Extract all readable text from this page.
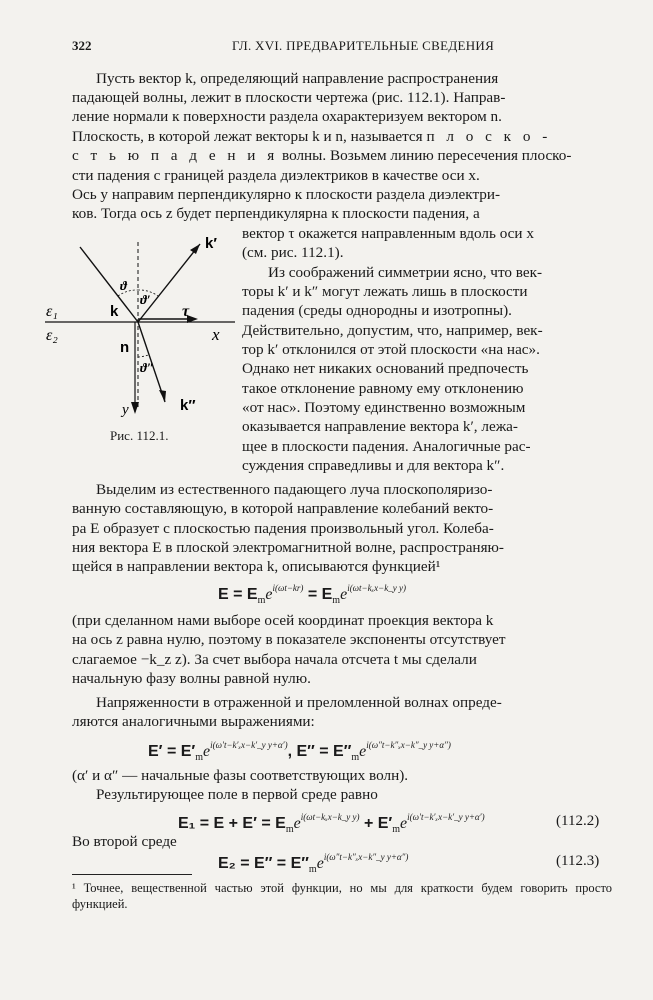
322	ГЛ. XVI. ПРЕДВАРИТЕЛЬНЫЕ СВЕДЕНИЯ
Пусть вектор k, определяющий направление распространения
падающей волны, лежит в плоскости чертежа (рис. 112.1). Направ-
ление нормали к поверхности раздела охарактеризуем вектором n.
Плоскость, в которой лежат векторы k и n, называется п л о с к о -
с т ь ю п а д е н и я волны. Возьмем линию пересечения плоско-
сти падения с границей раздела диэлектриков в качестве оси x.
Ось y направим перпендикулярно к плоскости раздела диэлектри-
ков. Тогда ось z будет перпендикулярна к плоскости падения, а
k′
k
k″
n
x
y
τ
ϑ
ϑ′
ϑ″
ε₁
ε₂
Рис. 112.1.
вектор τ окажется направленным вдоль оси x
(см. рис. 112.1).
Из соображений симметрии ясно, что век-
торы k′ и k″ могут лежать лишь в плоскости
падения (среды однородны и изотропны).
Действительно, допустим, что, например, век-
тор k′ отклонился от этой плоскости «на нас».
Однако нет никаких оснований предпочесть
такое отклонение равному ему отклонению
«от нас». Поэтому единственно возможным
оказывается направление вектора k′, лежа-
щее в плоскости падения. Аналогичные рас-
суждения справедливы и для вектора k″.
Выделим из естественного падающего луча плоскополяризо-
ванную составляющую, в которой направление колебаний векто-
ра E образует с плоскостью падения произвольный угол. Колеба-
ния вектора E в плоской электромагнитной волне, распространяю-
щейся в направлении вектора k, описываются функцией¹
$E = E_me^{i(\omega t-kr)} = E_me^{i(\omega t-k_xx-k\_y y)}$
(при сделанном нами выборе осей координат проекция вектора k
на ось z равна нулю, поэтому в показателе экспоненты отсутствует
слагаемое −k_z z). За счет выбора начала отсчета t мы сделали
начальную фазу волны равной нулю.
Напряженности в отраженной и преломленной волнах опреде-
ляются аналогичными выражениями:
$E' = E'_me^{i(\omega't-k'_xx-k'\_y y+\alpha')}$, $E'' = E''_me^{i(\omega''t-k''_xx-k''\_y y+\alpha'')}$
(α′ и α″ — начальные фазы соответствующих волн).
Результирующее поле в первой среде равно
$E_1 = E + E' = E_me^{i(\omega t-k_xx-k\_y y)} + E'_me^{i(\omega't-k'_xx-k'\_y y+\alpha')}$	(112.2)
Во второй среде
$E_2 = E'' = E''_me^{i(\omega''t-k''_xx-k''\_y y+\alpha'')}$	(112.3)
¹ Точнее, вещественной частью этой функции, но мы для краткости будем говорить просто функцией.
